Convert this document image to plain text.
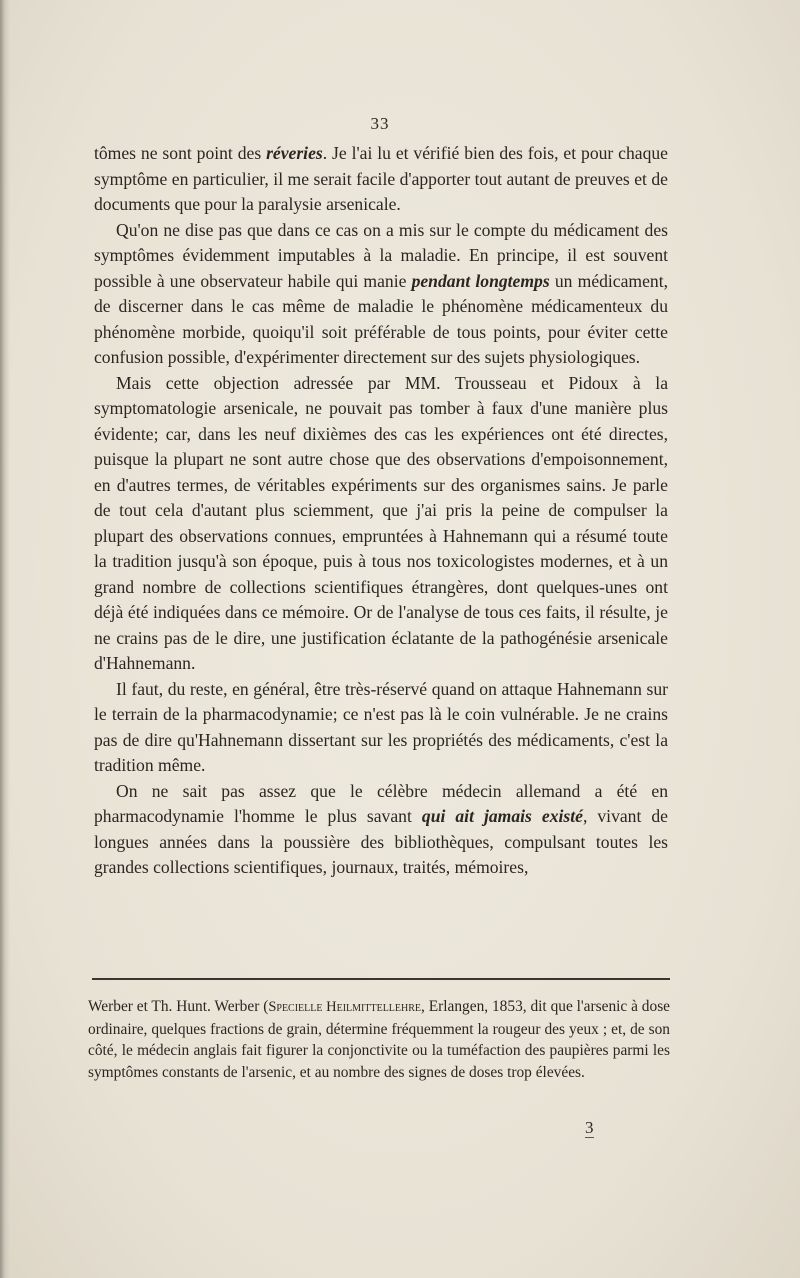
33

tômes ne sont point des réveries. Je l'ai lu et vérifié bien des fois, et pour chaque symptôme en particulier, il me serait facile d'apporter tout autant de preuves et de documents que pour la paralysie arsenicale.

Qu'on ne dise pas que dans ce cas on a mis sur le compte du médicament des symptômes évidemment imputables à la maladie. En principe, il est souvent possible à une observateur habile qui manie pendant longtemps un médicament, de discerner dans le cas même de maladie le phénomène médicamenteux du phénomène morbide, quoiqu'il soit préférable de tous points, pour éviter cette confusion possible, d'expérimenter directement sur des sujets physiologiques.

Mais cette objection adressée par MM. Trousseau et Pidoux à la symptomatologie arsenicale, ne pouvait pas tomber à faux d'une manière plus évidente; car, dans les neuf dixièmes des cas les expériences ont été directes, puisque la plupart ne sont autre chose que des observations d'empoisonnement, en d'autres termes, de véritables expériments sur des organismes sains. Je parle de tout cela d'autant plus sciemment, que j'ai pris la peine de compulser la plupart des observations connues, empruntées à Hahnemann qui a résumé toute la tradition jusqu'à son époque, puis à tous nos toxicologistes modernes, et à un grand nombre de collections scientifiques étrangères, dont quelques-unes ont déjà été indiquées dans ce mémoire. Or de l'analyse de tous ces faits, il résulte, je ne crains pas de le dire, une justification éclatante de la pathogénésie arsenicale d'Hahnemann.

Il faut, du reste, en général, être très-réservé quand on attaque Hahnemann sur le terrain de la pharmacodynamie; ce n'est pas là le coin vulnérable. Je ne crains pas de dire qu'Hahnemann dissertant sur les propriétés des médicaments, c'est la tradition même.

On ne sait pas assez que le célèbre médecin allemand a été en pharmacodynamie l'homme le plus savant qui ait jamais existé, vivant de longues années dans la poussière des bibliothèques, compulsant toutes les grandes collections scientifiques, journaux, traités, mémoires,

Werber et Th. Hunt. Werber (Specielle Heilmittellehre, Erlangen, 1853, dit que l'arsenic à dose ordinaire, quelques fractions de grain, détermine fréquemment la rougeur des yeux ; et, de son côté, le médecin anglais fait figurer la conjonctivite ou la tuméfaction des paupières parmi les symptômes constants de l'arsenic, et au nombre des signes de doses trop élevées.

3
